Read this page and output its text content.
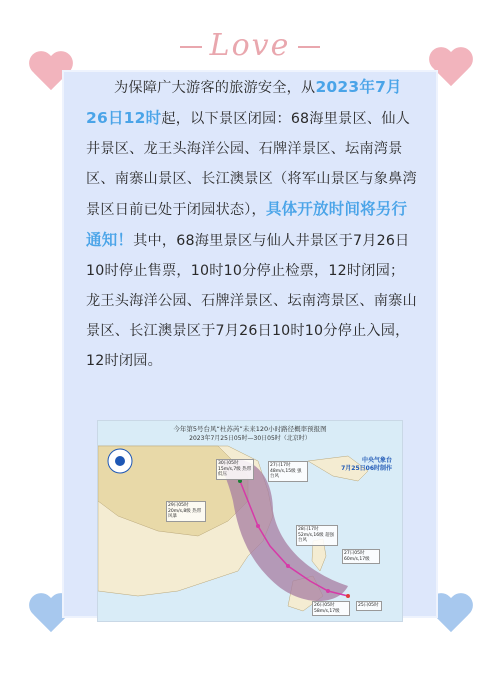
Love
为保障广大游客的旅游安全，从2023年7月26日12时起，以下景区闭园：68海里景区、仙人井景区、龙王头海洋公园、石牌洋景区、坛南湾景区、南寨山景区、长江澳景区（将军山景区与象鼻湾景区日前已处于闭园状态），具体开放时间将另行通知！其中，68海里景区与仙人井景区于7月26日10时停止售票，10时10分停止检票，12时闭园；龙王头海洋公园、石牌洋景区、坛南湾景区、南寨山景区、长江澳景区于7月26日10时10分停止入园，12时闭园。
今年第5号台风“杜苏芮”未来120小时路径概率预报图
2023年7月25日05时—30日05时（北京时）
中央气象台
7月25日06时制作
30日05时 15m/s,7级 热带低压
27日17时 48m/s,15级 强台风
29日05时 20m/s,8级 热带风暴
28日17时 52m/s,16级 超强台风
27日05时 60m/s,17级
26日05时 58m/s,17级
25日05时
